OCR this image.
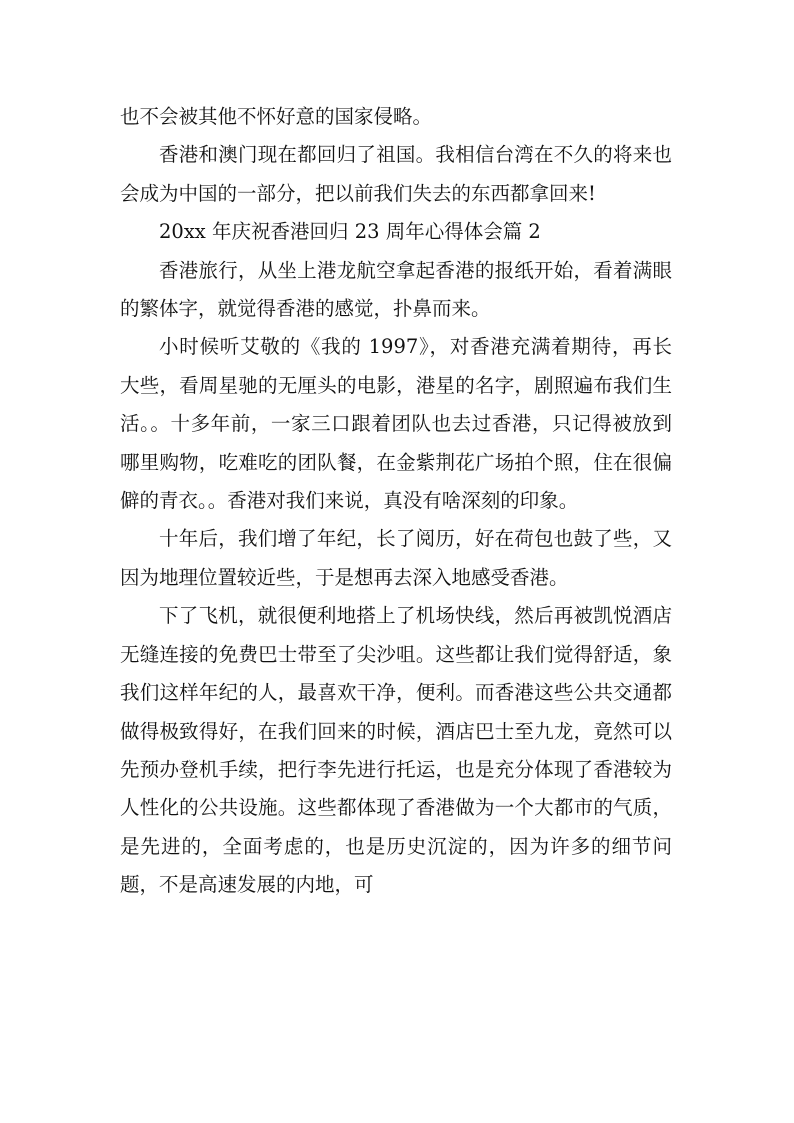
也不会被其他不怀好意的国家侵略。

香港和澳门现在都回归了祖国。我相信台湾在不久的将来也会成为中国的一部分，把以前我们失去的东西都拿回来!

20xx 年庆祝香港回归 23 周年心得体会篇 2

香港旅行，从坐上港龙航空拿起香港的报纸开始，看着满眼的繁体字，就觉得香港的感觉，扑鼻而来。

小时候听艾敬的《我的 1997》，对香港充满着期待，再长大些，看周星驰的无厘头的电影，港星的名字，剧照遍布我们生活。。十多年前，一家三口跟着团队也去过香港，只记得被放到哪里购物，吃难吃的团队餐，在金紫荆花广场拍个照，住在很偏僻的青衣。。香港对我们来说，真没有啥深刻的印象。

十年后，我们增了年纪，长了阅历，好在荷包也鼓了些，又因为地理位置较近些，于是想再去深入地感受香港。

下了飞机，就很便利地搭上了机场快线，然后再被凯悦酒店无缝连接的免费巴士带至了尖沙咀。这些都让我们觉得舒适，象我们这样年纪的人，最喜欢干净，便利。而香港这些公共交通都做得极致得好，在我们回来的时候，酒店巴士至九龙，竟然可以先预办登机手续，把行李先进行托运，也是充分体现了香港较为人性化的公共设施。这些都体现了香港做为一个大都市的气质，是先进的，全面考虑的，也是历史沉淀的，因为许多的细节问题，不是高速发展的内地，可
